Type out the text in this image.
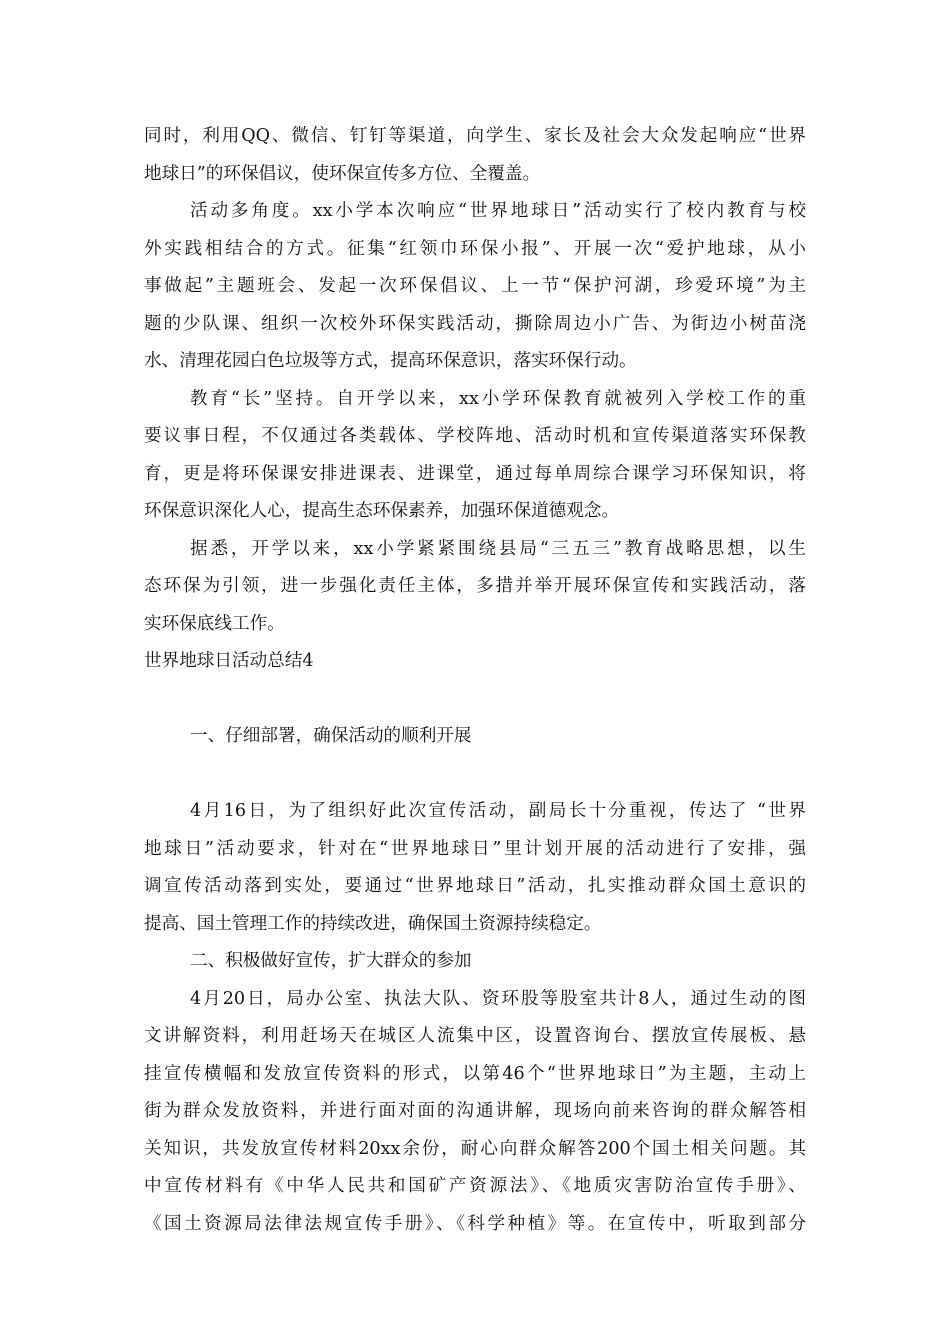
同时，利用QQ、微信、钉钉等渠道，向学生、家长及社会大众发起响应“世界
地球日”的环保倡议，使环保宣传多方位、全覆盖。
活动多角度。xx小学本次响应“世界地球日”活动实行了校内教育与校
外实践相结合的方式。征集“红领巾环保小报”、开展一次“爱护地球，从小
事做起”主题班会、发起一次环保倡议、上一节“保护河湖，珍爱环境”为主
题的少队课、组织一次校外环保实践活动，撕除周边小广告、为街边小树苗浇
水、清理花园白色垃圾等方式，提高环保意识，落实环保行动。
教育“长”坚持。自开学以来，xx小学环保教育就被列入学校工作的重
要议事日程，不仅通过各类载体、学校阵地、活动时机和宣传渠道落实环保教
育，更是将环保课安排进课表、进课堂，通过每单周综合课学习环保知识，将
环保意识深化人心，提高生态环保素养，加强环保道德观念。
据悉，开学以来，xx小学紧紧围绕县局“三五三”教育战略思想，以生
态环保为引领，进一步强化责任主体，多措并举开展环保宣传和实践活动，落
实环保底线工作。
世界地球日活动总结4
一、仔细部署，确保活动的顺利开展
4月16日，为了组织好此次宣传活动，副局长十分重视，传达了 “世界
地球日”活动要求，针对在“世界地球日”里计划开展的活动进行了安排，强
调宣传活动落到实处，要通过“世界地球日”活动，扎实推动群众国土意识的
提高、国土管理工作的持续改进，确保国土资源持续稳定。
二、积极做好宣传，扩大群众的参加
4月20日，局办公室、执法大队、资环股等股室共计8人，通过生动的图
文讲解资料，利用赶场天在城区人流集中区，设置咨询台、摆放宣传展板、悬
挂宣传横幅和发放宣传资料的形式，以第46个“世界地球日”为主题，主动上
街为群众发放资料，并进行面对面的沟通讲解，现场向前来咨询的群众解答相
关知识，共发放宣传材料20xx余份，耐心向群众解答200个国土相关问题。其
中宣传材料有《中华人民共和国矿产资源法》、《地质灾害防治宣传手册》、
《国土资源局法律法规宣传手册》、《科学种植》等。在宣传中，听取到部分
